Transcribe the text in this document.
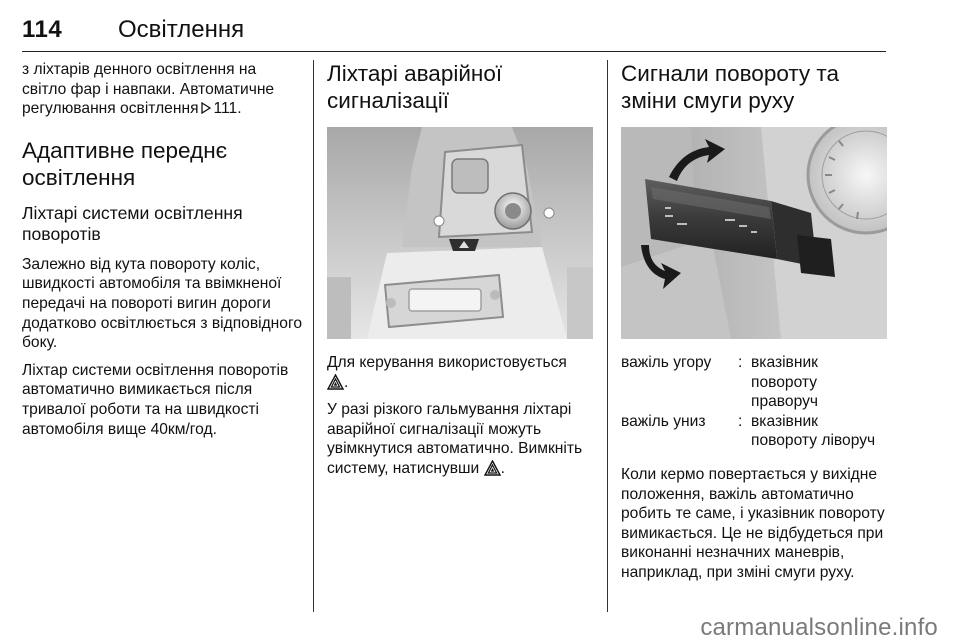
114 Освітлення

з ліхтарів денного освітлення на світло фар і навпаки. Автоматичне регулювання освітлення 111.

Адаптивне переднє освітлення
Ліхтарі системи освітлення поворотів

Залежно від кута повороту коліс, швидкості автомобіля та ввімкненої передачі на повороті вигин дороги додатково освітлюється з відповідного боку.

Ліхтар системи освітлення поворотів автоматично вимикається після тривалої роботи та на швидкості автомобіля вище 40км/год.

Ліхтарі аварійної сигналізації

Для керування використовується
.

У разі різкого гальмування ліхтарі аварійної сигналізації можуть увімкнутися автоматично. Вимкніть систему, натиснувши .

Сигнали повороту та зміни смуги руху
важіль угору	: вказівник повороту праворуч
важіль униз	: вказівник повороту ліворуч

Коли кермо повертається у вихідне положення, важіль автоматично робить те саме, і указівник повороту вимикається. Це не відбудеться при виконанні незначних маневрів, наприклад, при зміні смуги руху.

carmanualsonline.info
